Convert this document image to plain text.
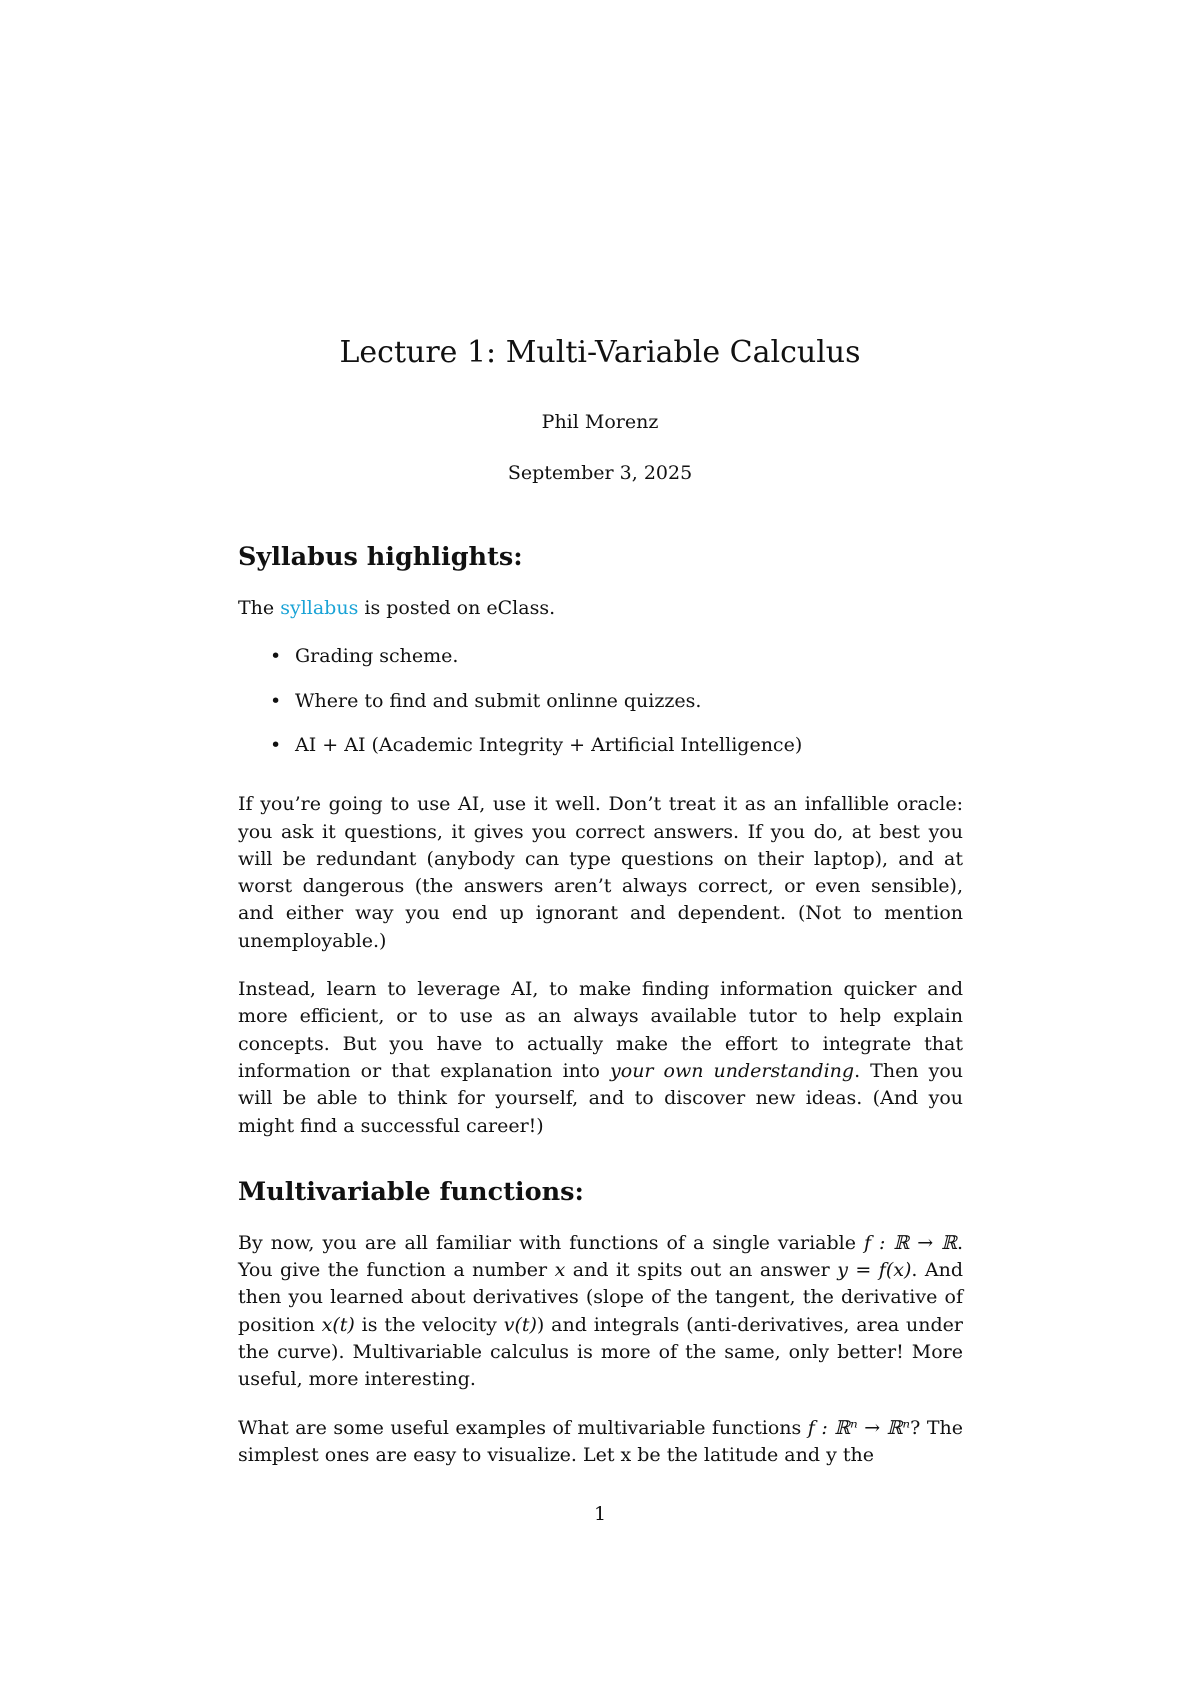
Lecture 1: Multi-Variable Calculus
Phil Morenz
September 3, 2025
Syllabus highlights:

The syllabus is posted on eClass.

• Grading scheme.
• Where to find and submit onlinne quizzes.
• AI + AI (Academic Integrity + Artificial Intelligence)

If you’re going to use AI, use it well. Don’t treat it as an infallible oracle: you ask it questions, it gives you correct answers. If you do, at best you will be redundant (anybody can type questions on their laptop), and at worst dangerous (the answers aren’t always correct, or even sensible), and either way you end up ignorant and dependent. (Not to mention unemployable.)

Instead, learn to leverage AI, to make finding information quicker and more efficient, or to use as an always available tutor to help explain concepts. But you have to actually make the effort to integrate that information or that explanation into your own understanding. Then you will be able to think for yourself, and to discover new ideas. (And you might find a successful career!)

Multivariable functions:

By now, you are all familiar with functions of a single variable f : ℝ → ℝ. You give the function a number x and it spits out an answer y = f(x). And then you learned about derivatives (slope of the tangent, the derivative of position x(t) is the velocity v(t)) and integrals (anti-derivatives, area under the curve). Multivariable calculus is more of the same, only better! More useful, more interesting.

What are some useful examples of multivariable functions f : ℝⁿ → ℝⁿ? The simplest ones are easy to visualize. Let x be the latitude and y the

1
